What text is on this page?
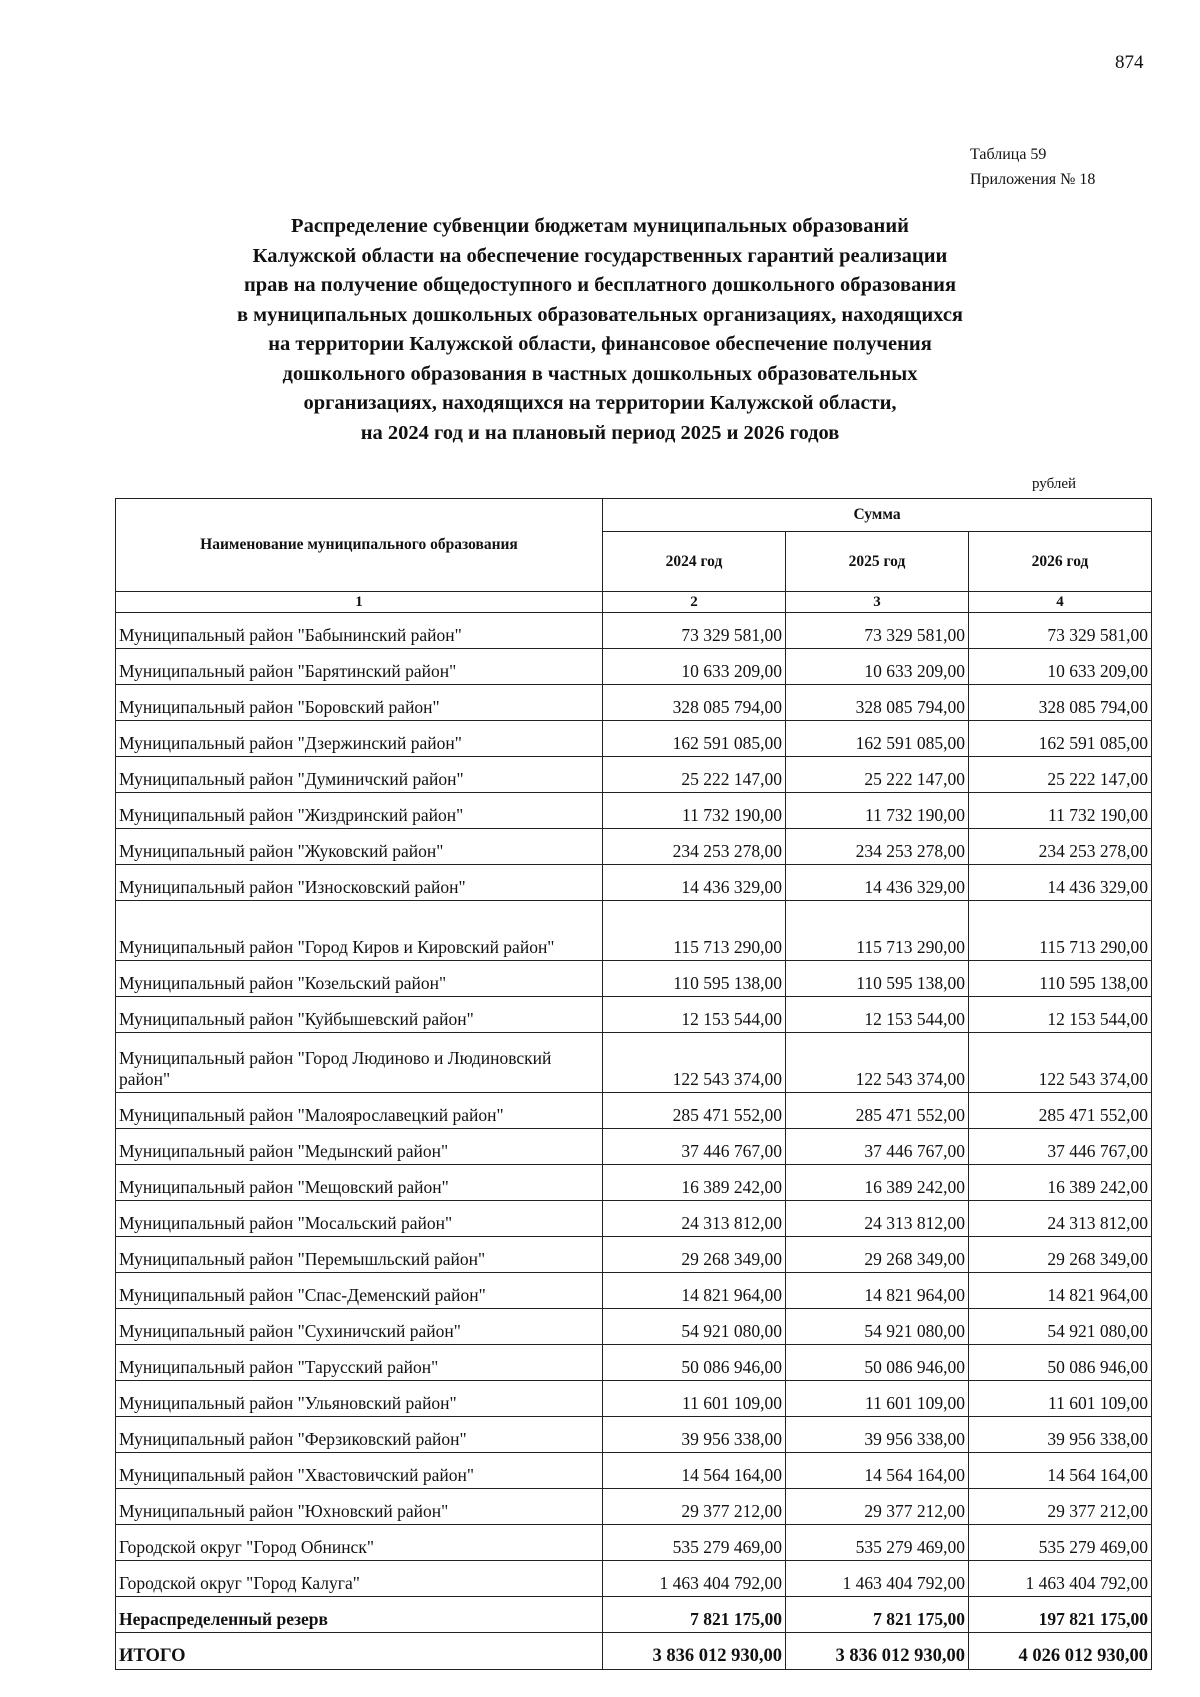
874
Таблица 59
Приложения № 18
Распределение субвенции бюджетам муниципальных образований
Калужской области на обеспечение государственных гарантий реализации
прав на получение общедоступного и бесплатного дошкольного образования
в муниципальных дошкольных образовательных организациях, находящихся
на территории Калужской области, финансовое обеспечение получения
дошкольного образования в частных дошкольных образовательных
организациях, находящихся на территории Калужской области,
на 2024 год и на плановый период 2025 и 2026 годов
рублей
Наименование муниципального образования	Сумма		
	2024 год	2025 год	2026 год
1	2	3	4
Муниципальный район "Бабынинский район"	73 329 581,00	73 329 581,00	73 329 581,00
Муниципальный район "Барятинский район"	10 633 209,00	10 633 209,00	10 633 209,00
Муниципальный район "Боровский район"	328 085 794,00	328 085 794,00	328 085 794,00
Муниципальный район "Дзержинский район"	162 591 085,00	162 591 085,00	162 591 085,00
Муниципальный район "Думиничский район"	25 222 147,00	25 222 147,00	25 222 147,00
Муниципальный район "Жиздринский район"	11 732 190,00	11 732 190,00	11 732 190,00
Муниципальный район "Жуковский район"	234 253 278,00	234 253 278,00	234 253 278,00
Муниципальный район "Износковский район"	14 436 329,00	14 436 329,00	14 436 329,00
Муниципальный район "Город Киров и Кировский район"	115 713 290,00	115 713 290,00	115 713 290,00
Муниципальный район "Козельский район"	110 595 138,00	110 595 138,00	110 595 138,00
Муниципальный район "Куйбышевский район"	12 153 544,00	12 153 544,00	12 153 544,00
Муниципальный район "Город Людиново и Людиновский район"	122 543 374,00	122 543 374,00	122 543 374,00
Муниципальный район "Малоярославецкий район"	285 471 552,00	285 471 552,00	285 471 552,00
Муниципальный район "Медынский район"	37 446 767,00	37 446 767,00	37 446 767,00
Муниципальный район "Мещовский район"	16 389 242,00	16 389 242,00	16 389 242,00
Муниципальный район "Мосальский район"	24 313 812,00	24 313 812,00	24 313 812,00
Муниципальный район "Перемышльский район"	29 268 349,00	29 268 349,00	29 268 349,00
Муниципальный район "Спас-Деменский район"	14 821 964,00	14 821 964,00	14 821 964,00
Муниципальный район "Сухиничский район"	54 921 080,00	54 921 080,00	54 921 080,00
Муниципальный район "Тарусский район"	50 086 946,00	50 086 946,00	50 086 946,00
Муниципальный район "Ульяновский район"	11 601 109,00	11 601 109,00	11 601 109,00
Муниципальный район "Ферзиковский район"	39 956 338,00	39 956 338,00	39 956 338,00
Муниципальный район "Хвастовичский район"	14 564 164,00	14 564 164,00	14 564 164,00
Муниципальный район "Юхновский район"	29 377 212,00	29 377 212,00	29 377 212,00
Городской округ "Город Обнинск"	535 279 469,00	535 279 469,00	535 279 469,00
Городской округ "Город Калуга"	1 463 404 792,00	1 463 404 792,00	1 463 404 792,00
Нераспределенный резерв	7 821 175,00	7 821 175,00	197 821 175,00
ИТОГО	3 836 012 930,00	3 836 012 930,00	4 026 012 930,00
